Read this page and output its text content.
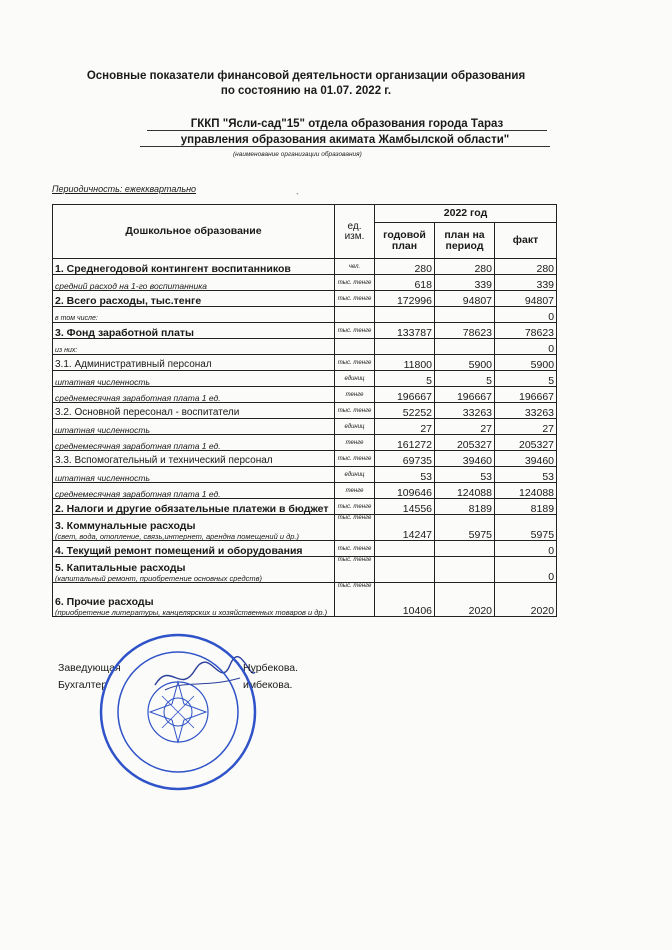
Основные показатели финансовой деятельности организации образования
по состоянию на 01.07. 2022 г.
ГККП "Ясли-сад"15" отдела образования города Тараз
управления образования акимата Жамбылской области"
(наименование организации образования)
Периодичность: ежекквартально
`
Дошкольное образование	ед. изм.	2022 год		
		годовой план	план на период	факт
1. Среднегодовой контингент воспитанников	чел.	280	280	280
средний расход на 1-го воспитанника	тыс. тенге	618	339	339
2. Всего расходы, тыс.тенге	тыс. тенге	172996	94807	94807
в том числе:				0
3. Фонд заработной платы	тыс. тенге	133787	78623	78623
из них:				0
3.1. Административный персонал	тыс. тенге	11800	5900	5900
штатная численность	единиц	5	5	5
среднемесячная заработная плата 1 ед.	тенге	196667	196667	196667
3.2. Основной пересонал - воспитатели	тыс. тенге	52252	33263	33263
штатная численность	единиц	27	27	27
среднемесячная заработная плата 1 ед.	тенге	161272	205327	205327
3.3. Вспомогательный и технический персонал	тыс. тенге	69735	39460	39460
штатная численность	единиц	53	53	53
среднемесячная заработная плата 1 ед.	тенге	109646	124088	124088
2. Налоги и другие обязательные платежи в бюджет	тыс. тенге	14556	8189	8189
3. Коммунальные расходы
(свет, вода, отопление, связь,интернет, арендна помещений и др.)	тыс. тенге	14247	5975	5975
4. Текущий ремонт помещений и оборудования	тыс. тенге			0
5. Капитальные расходы
(капитальный ремонт, приобретение основных средств)	тыс. тенге			0
6. Прочие расходы
(приобретение литературы, канцелярских и хозяйственных товаров и др.)	тыс. тенге	10406	2020	2020
Заведующая
Бухгалтер
Нурбекова.
имбекова.
